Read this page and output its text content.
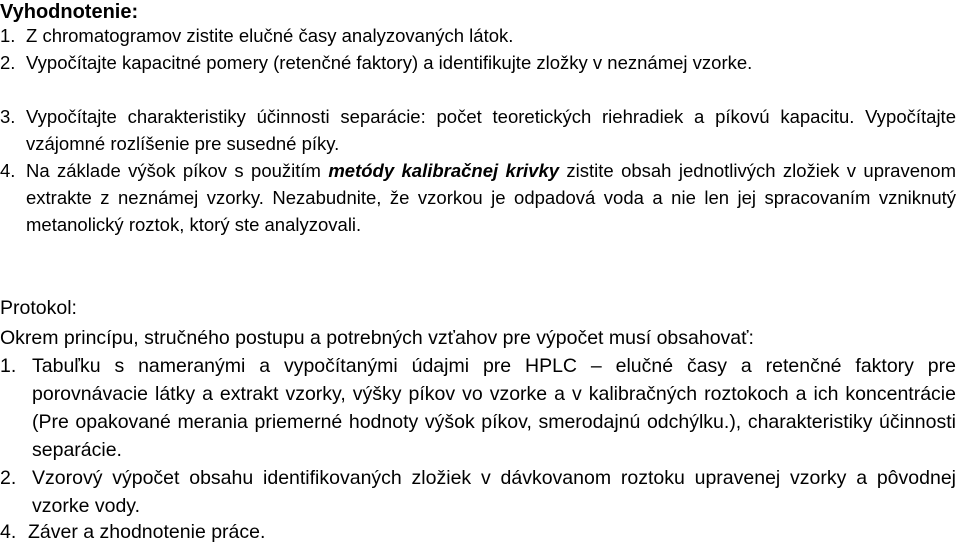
Vyhodnotenie:
1. Z chromatogramov zistite elučné časy analyzovaných látok.
2. Vypočítajte kapacitné pomery (retenčné faktory) a identifikujte zložky v neznámej vzorke.
3. Vypočítajte charakteristiky účinnosti separácie: počet teoretických riehradiek a píkovú kapacitu. Vypočítajte vzájomné rozlíšenie pre susedné píky.
4. Na základe výšok píkov s použitím metódy kalibračnej krivky zistite obsah jednotlivých zložiek v upravenom extrakte z neznámej vzorky. Nezabudnite, že vzorkou je odpadová voda a nie len jej spracovaním vzniknutý metanolický roztok, ktorý ste analyzovali.
Protokol:
Okrem princípu, stručného postupu a potrebných vzťahov pre výpočet musí obsahovať:
1. Tabuľku s nameranými a vypočítanými údajmi pre HPLC – elučné časy a retenčné faktory pre porovnávacie látky a extrakt vzorky, výšky píkov vo vzorke a v kalibračných roztokoch a ich koncentrácie (Pre opakované merania priemerné hodnoty výšok píkov, smerodajnú odchýlku.), charakteristiky účinnosti separácie.
2. Vzorový výpočet obsahu identifikovaných zložiek v dávkovanom roztoku upravenej vzorky a pôvodnej vzorke vody.
4. Záver a zhodnotenie práce.
